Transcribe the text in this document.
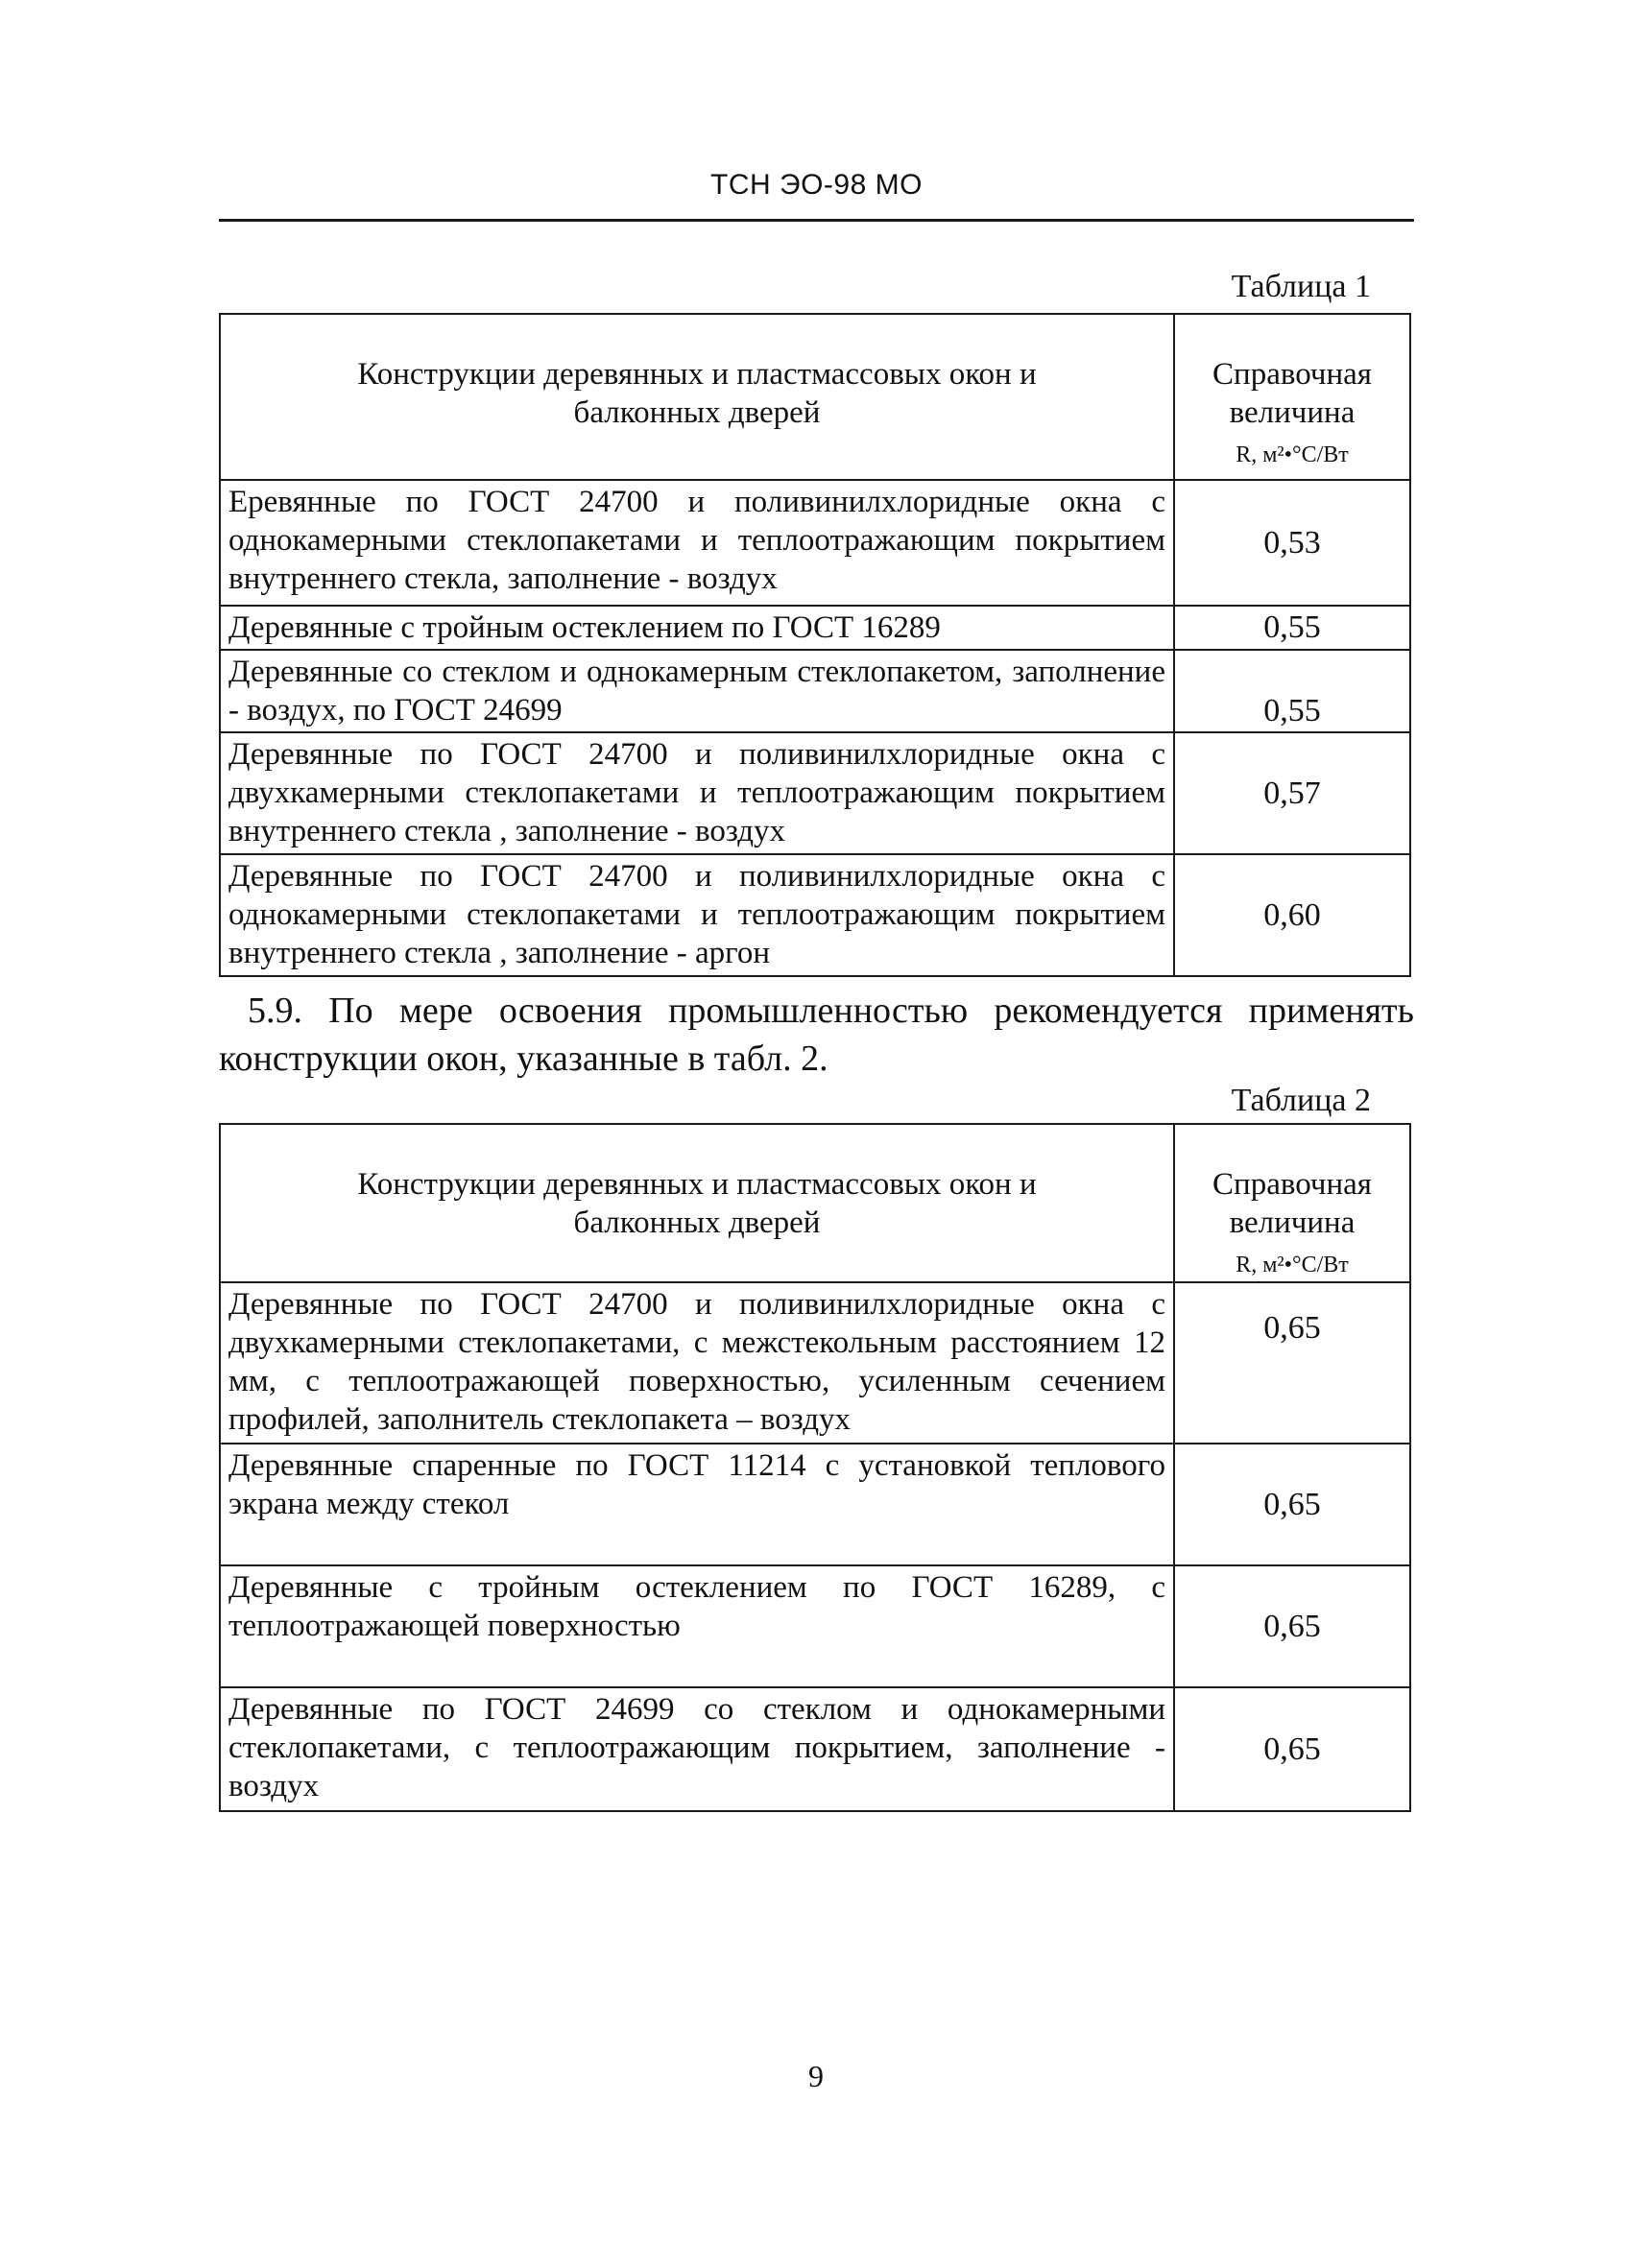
ТСН ЭО-98 МО
Таблица 1
Конструкции деревянных и пластмассовых окон и балконных дверей	Справочная величина
R, м²•°С/Вт

Еревянные по ГОСТ 24700 и поливинилхлоридные окна с однокамерными стеклопакетами и теплоотражающим покрытием внутреннего стекла, заполнение - воздух	0,53
Деревянные с тройным остеклением по ГОСТ 16289	0,55
Деревянные со стеклом и однокамерным стеклопакетом, заполнение - воздух, по ГОСТ 24699	0,55
Деревянные по ГОСТ 24700 и поливинилхлоридные окна с двухкамерными стеклопакетами и теплоотражающим покрытием внутреннего стекла , заполнение - воздух	0,57
Деревянные по ГОСТ 24700 и поливинилхлоридные окна с однокамерными стеклопакетами и теплоотражающим покрытием внутреннего стекла , заполнение - аргон	0,60
5.9. По мере освоения промышленностью рекомендуется применять конструкции окон, указанные в табл. 2.
Таблица 2
Конструкции деревянных и пластмассовых окон и балконных дверей	Справочная величина
R, м²•°С/Вт

Деревянные по ГОСТ 24700 и поливинилхлоридные окна с двухкамерными стеклопакетами, с межстекольным расстоянием 12 мм, с теплоотражающей поверхностью, усиленным сечением профилей, заполнитель стеклопакета – воздух	0,65
Деревянные спаренные по ГОСТ 11214 с установкой теплового экрана между стекол	0,65
Деревянные с тройным остеклением по ГОСТ 16289, с теплоотражающей поверхностью	0,65
Деревянные по ГОСТ 24699 со стеклом и однокамерными стеклопакетами, с теплоотражающим покрытием, заполнение - воздух	0,65
9
